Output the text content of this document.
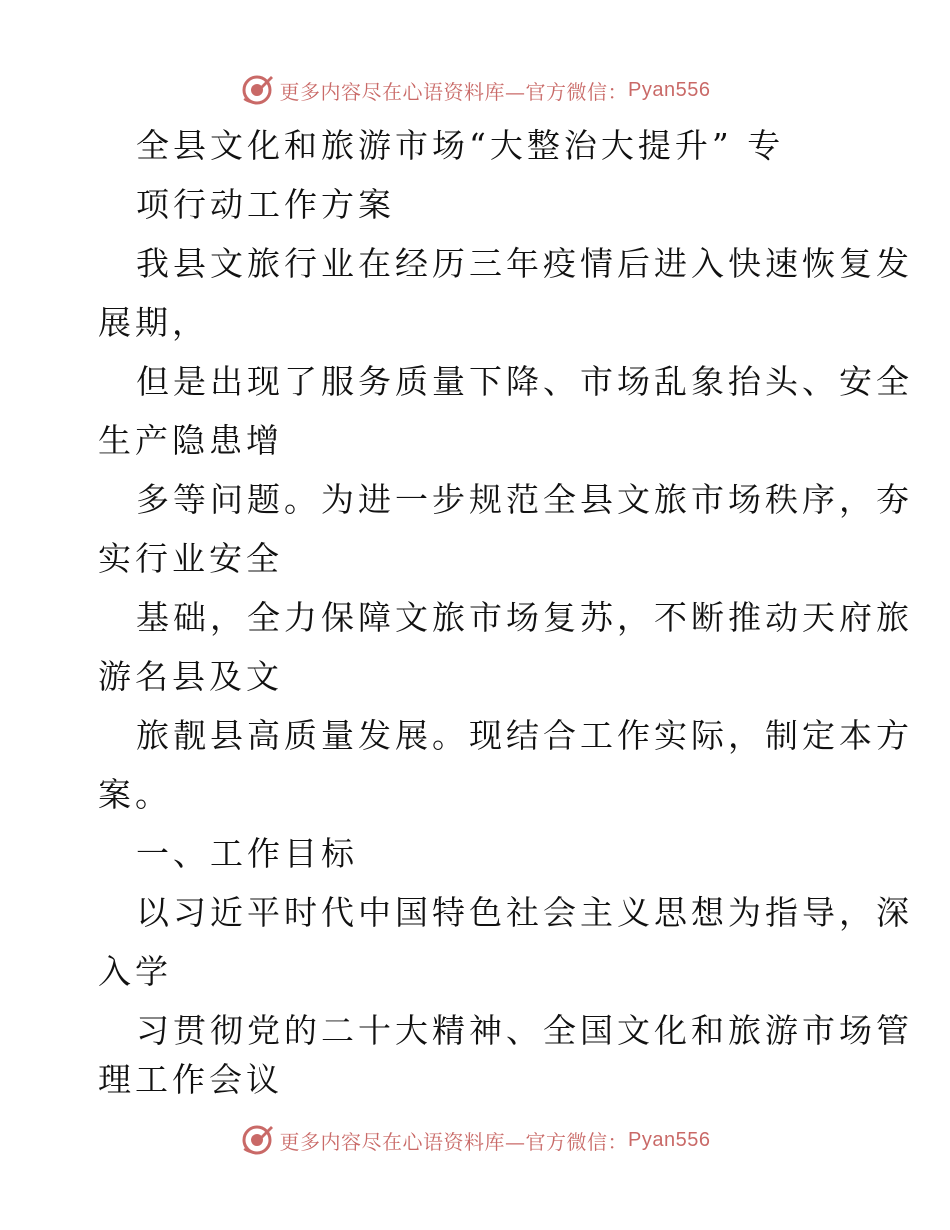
更多内容尽在心语资料库—官方微信： Pyan556
全县文化和旅游市场“大整治大提升” 专
项行动工作方案
我县文旅行业在经历三年疫情后进入快速恢复发
展期，
但是出现了服务质量下降、市场乱象抬头、安全
生产隐患增
多等问题。为进一步规范全县文旅市场秩序，夯
实行业安全
基础，全力保障文旅市场复苏，不断推动天府旅
游名县及文
旅靓县高质量发展。现结合工作实际，制定本方
案。
一、工作目标
以习近平时代中国特色社会主义思想为指导，深
入学
习贯彻党的二十大精神、全国文化和旅游市场管
理工作会议
更多内容尽在心语资料库—官方微信： Pyan556
